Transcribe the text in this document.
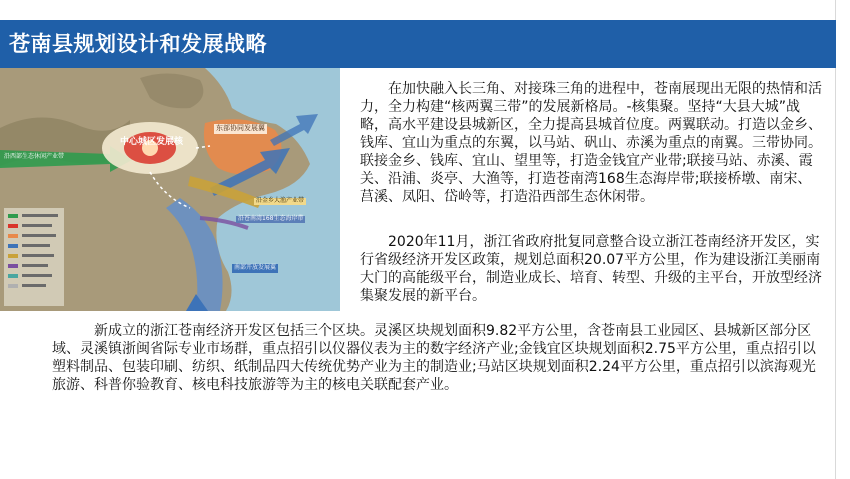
苍南县规划设计和发展战略
中心城区发展核
东部协同发展翼
沿西部生态休闲产业带
沿金乡大渔产业带
沿苍南湾168生态海岸带
南部开放发展翼

在加快融入长三角、对接珠三角的进程中，苍南展现出无限的热情和活力，全力构建“核两翼三带”的发展新格局。-核集聚。坚持“大县大城”战略，高水平建设县城新区，全力提高县城首位度。两翼联动。打造以金乡、钱库、宜山为重点的东翼，以马站、矾山、赤溪为重点的南翼。三带协同。联接金乡、钱库、宜山、望里等，打造金钱宜产业带;联接马站、赤溪、霞关、沿浦、炎亭、大渔等，打造苍南湾168生态海岸带;联接桥墩、南宋、莒溪、凤阳、岱岭等，打造沿西部生态休闲带。

2020年11月，浙江省政府批复同意整合设立浙江苍南经济开发区，实行省级经济开发区政策，规划总面积20.07平方公里，作为建设浙江美丽南大门的高能级平台，制造业成长、培育、转型、升级的主平台，开放型经济集聚发展的新平台。

新成立的浙江苍南经济开发区包括三个区块。灵溪区块规划面积9.82平方公里，含苍南县工业园区、县城新区部分区域、灵溪镇浙闽省际专业市场群，重点招引以仪器仪表为主的数字经济产业;金钱宜区块规划面积2.75平方公里，重点招引以塑料制品、包装印刷、纺织、纸制品四大传统优势产业为主的制造业;马站区块规划面积2.24平方公里，重点招引以滨海观光旅游、科普你验教育、核电科技旅游等为主的核电关联配套产业。
